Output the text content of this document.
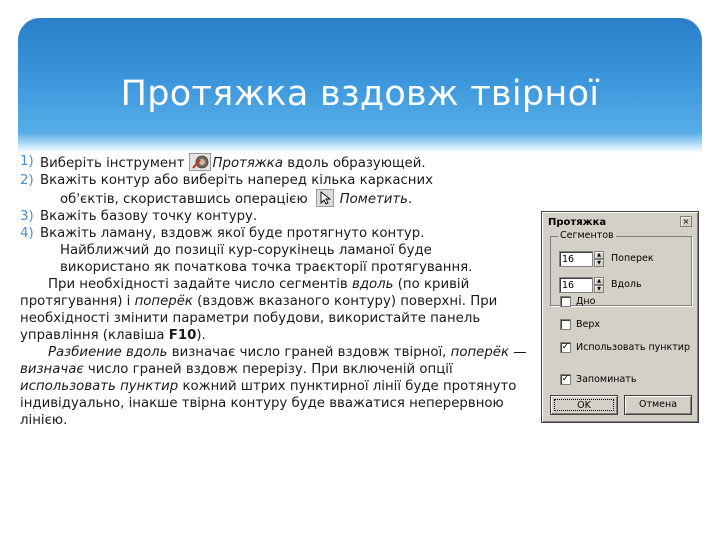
Протяжка вздовж твірної
1) Виберіть інструмент Протяжка вдоль образующей.
2) Вкажіть контур або виберіть наперед кілька каркасних
об'єктів, скориставшись операцією Пометить.
3) Вкажіть базову точку контуру.
4) Вкажіть ламану, вздовж якої буде протягнуто контур.
Найближчий до позиції кур-сорукінець ламаної буде
використано як початкова точка траєкторії протягування.

При необхідності задайте число сегментів вдоль (по кривій протягування) і поперёк (вздовж вказаного контуру) поверхні. При необхідності змінити параметри побудови, використайте панель управління (клавіша F10).

Разбиение вдоль визначає число граней вздовж твірної, поперёк — визначає число граней вздовж перерізу. При включеній опції использовать пунктир кожний штрих пунктирної лінії буде протянуто індивідуально, інакше твірна контуру буде вважатися неперервною лінією.

Протяжка	×
Сегментов
16	▲
▼	Поперек
16	▲
▼	Вдоль
Дно
Верх
✓ Использовать пунктир
✓ Запоминать
OK	Отмена
